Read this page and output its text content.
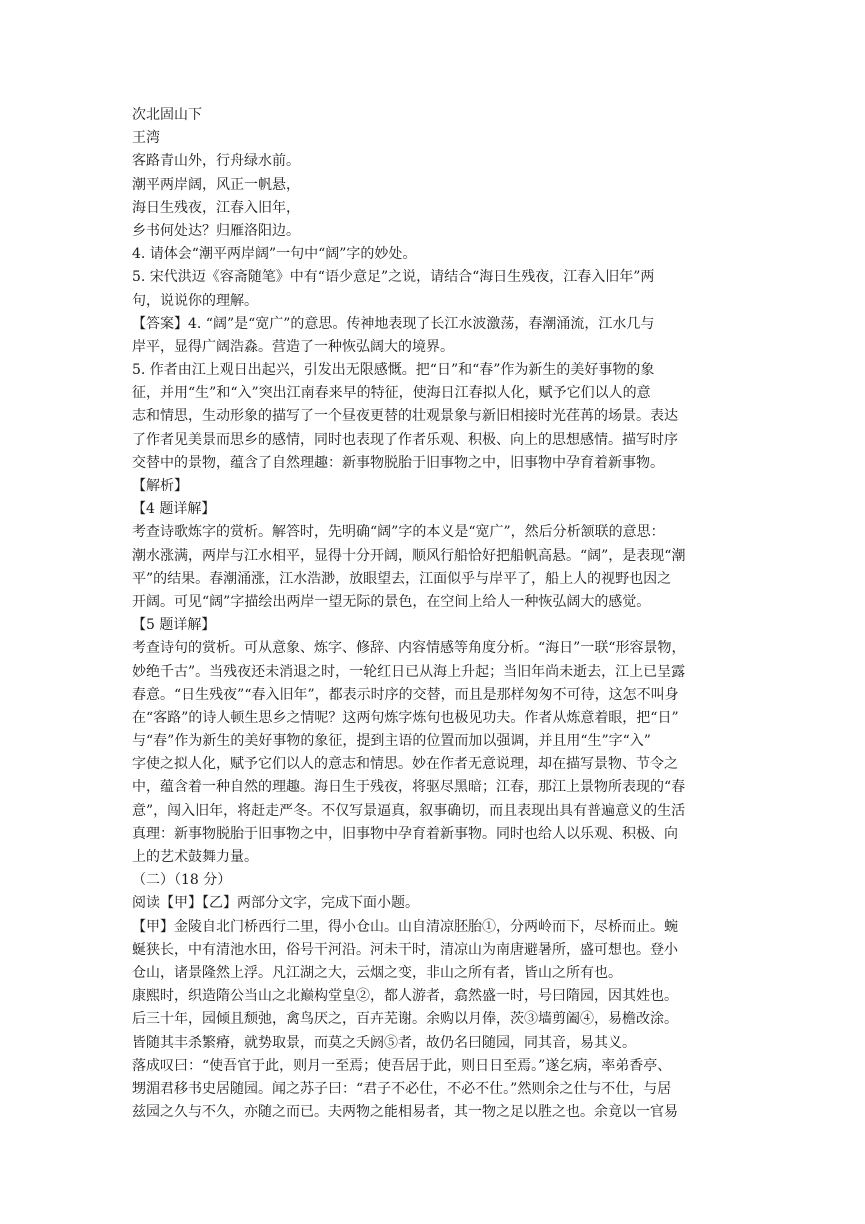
次北固山下
王湾
客路青山外，行舟绿水前。
潮平两岸阔，风正一帆悬，
海日生残夜，江春入旧年，
乡书何处达？归雁洛阳边。
4. 请体会“潮平两岸阔”一句中“阔”字的妙处。
5. 宋代洪迈《容斋随笔》中有“语少意足”之说，请结合“海日生残夜，江春入旧年”两
句，说说你的理解。
【答案】4. “阔”是“宽广”的意思。传神地表现了长江水波激荡，春潮涌流，江水几与
岸平，显得广阔浩淼。营造了一种恢弘阔大的境界。
5. 作者由江上观日出起兴，引发出无限感慨。把“日”和“春”作为新生的美好事物的象
征，并用“生”和“入”突出江南春来早的特征，使海日江春拟人化，赋予它们以人的意
志和情思，生动形象的描写了一个昼夜更替的壮观景象与新旧相接时光荏苒的场景。表达
了作者见美景而思乡的感情，同时也表现了作者乐观、积极、向上的思想感情。描写时序
交替中的景物，蕴含了自然理趣：新事物脱胎于旧事物之中，旧事物中孕育着新事物。
【解析】
【4 题详解】
考查诗歌炼字的赏析。解答时，先明确“阔”字的本义是“宽广”，然后分析颔联的意思：
潮水涨满，两岸与江水相平，显得十分开阔，顺风行船恰好把船帆高悬。“阔”，是表现“潮
平”的结果。春潮涌涨，江水浩渺，放眼望去，江面似乎与岸平了，船上人的视野也因之
开阔。可见“阔”字描绘出两岸一望无际的景色，在空间上给人一种恢弘阔大的感觉。
【5 题详解】
考查诗句的赏析。可从意象、炼字、修辞、内容情感等角度分析。“海日”一联“形容景物，
妙绝千古”。当残夜还未消退之时，一轮红日已从海上升起；当旧年尚未逝去，江上已呈露
春意。“日生残夜”“春入旧年”，都表示时序的交替，而且是那样匆匆不可待，这怎不叫身
在“客路”的诗人顿生思乡之情呢？这两句炼字炼句也极见功夫。作者从炼意着眼，把“日”
与“春”作为新生的美好事物的象征，提到主语的位置而加以强调，并且用“生”字“入”
字使之拟人化，赋予它们以人的意志和情思。妙在作者无意说理，却在描写景物、节令之
中，蕴含着一种自然的理趣。海日生于残夜，将驱尽黑暗；江春，那江上景物所表现的“春
意”，闯入旧年，将赶走严冬。不仅写景逼真，叙事确切，而且表现出具有普遍意义的生活
真理：新事物脱胎于旧事物之中，旧事物中孕育着新事物。同时也给人以乐观、积极、向
上的艺术鼓舞力量。
（二）（18 分）
阅读【甲】【乙】两部分文字，完成下面小题。
【甲】金陵自北门桥西行二里，得小仓山。山自清凉胚胎①，分两岭而下，尽桥而止。蜿
蜒狭长，中有清池水田，俗号干河沿。河未干时，清凉山为南唐避暑所，盛可想也。登小
仓山，诸景隆然上浮。凡江湖之大，云烟之变，非山之所有者，皆山之所有也。
康熙时，织造隋公当山之北巅构堂皇②，都人游者，翕然盛一时，号曰隋园，因其姓也。
后三十年，园倾且颓弛，禽鸟厌之，百卉芜谢。余购以月俸，茨③墙剪阖④，易檐改涂。
皆随其丰杀繁瘠，就势取景，而莫之夭阏⑤者，故仍名曰随园，同其音，易其义。
落成叹曰：“使吾官于此，则月一至焉；使吾居于此，则日日至焉。”遂乞病，率弟香亭、
甥湄君移书史居随园。闻之苏子曰：“君子不必仕，不必不仕。”然则余之仕与不仕，与居
兹园之久与不久，亦随之而已。夫两物之能相易者，其一物之足以胜之也。余竟以一官易
